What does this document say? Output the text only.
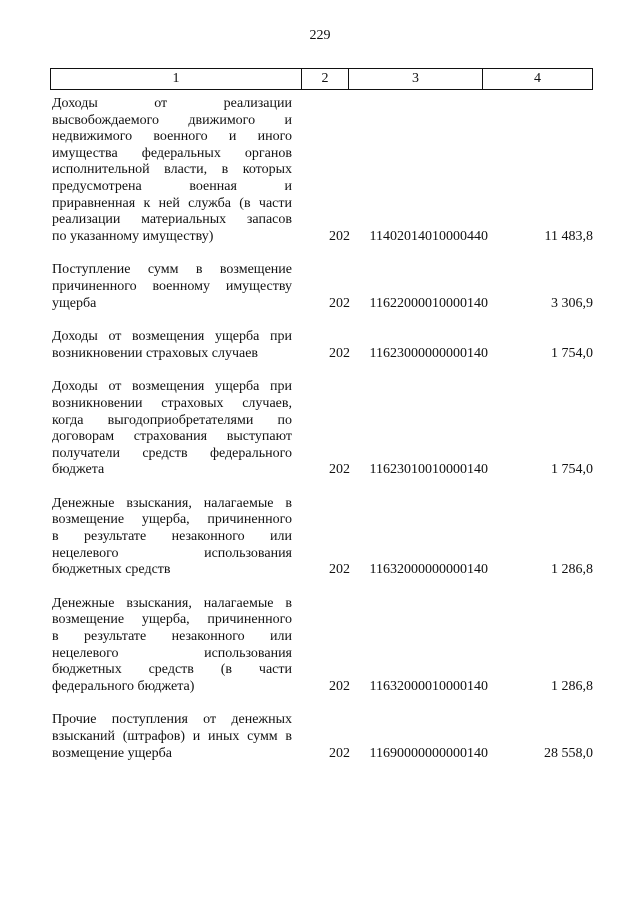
229
1	2	3	4
Доходы от реализации
высвобождаемого движимого и
недвижимого военного и иного
имущества федеральных органов
исполнительной власти, в которых
предусмотрена военная и
приравненная к ней служба (в части
реализации материальных запасов
по указанному имуществу)	202	11402014010000440	11 483,8
Поступление сумм в возмещение
причиненного военному имуществу
ущерба	202	11622000010000140	3 306,9
Доходы от возмещения ущерба при
возникновении страховых случаев	202	11623000000000140	1 754,0
Доходы от возмещения ущерба при
возникновении страховых случаев,
когда выгодоприобретателями по
договорам страхования выступают
получатели средств федерального
бюджета	202	11623010010000140	1 754,0
Денежные взыскания, налагаемые в
возмещение ущерба, причиненного
в результате незаконного или
нецелевого использования
бюджетных средств	202	11632000000000140	1 286,8
Денежные взыскания, налагаемые в
возмещение ущерба, причиненного
в результате незаконного или
нецелевого использования
бюджетных средств (в части
федерального бюджета)	202	11632000010000140	1 286,8
Прочие поступления от денежных
взысканий (штрафов) и иных сумм в
возмещение ущерба	202	11690000000000140	28 558,0
